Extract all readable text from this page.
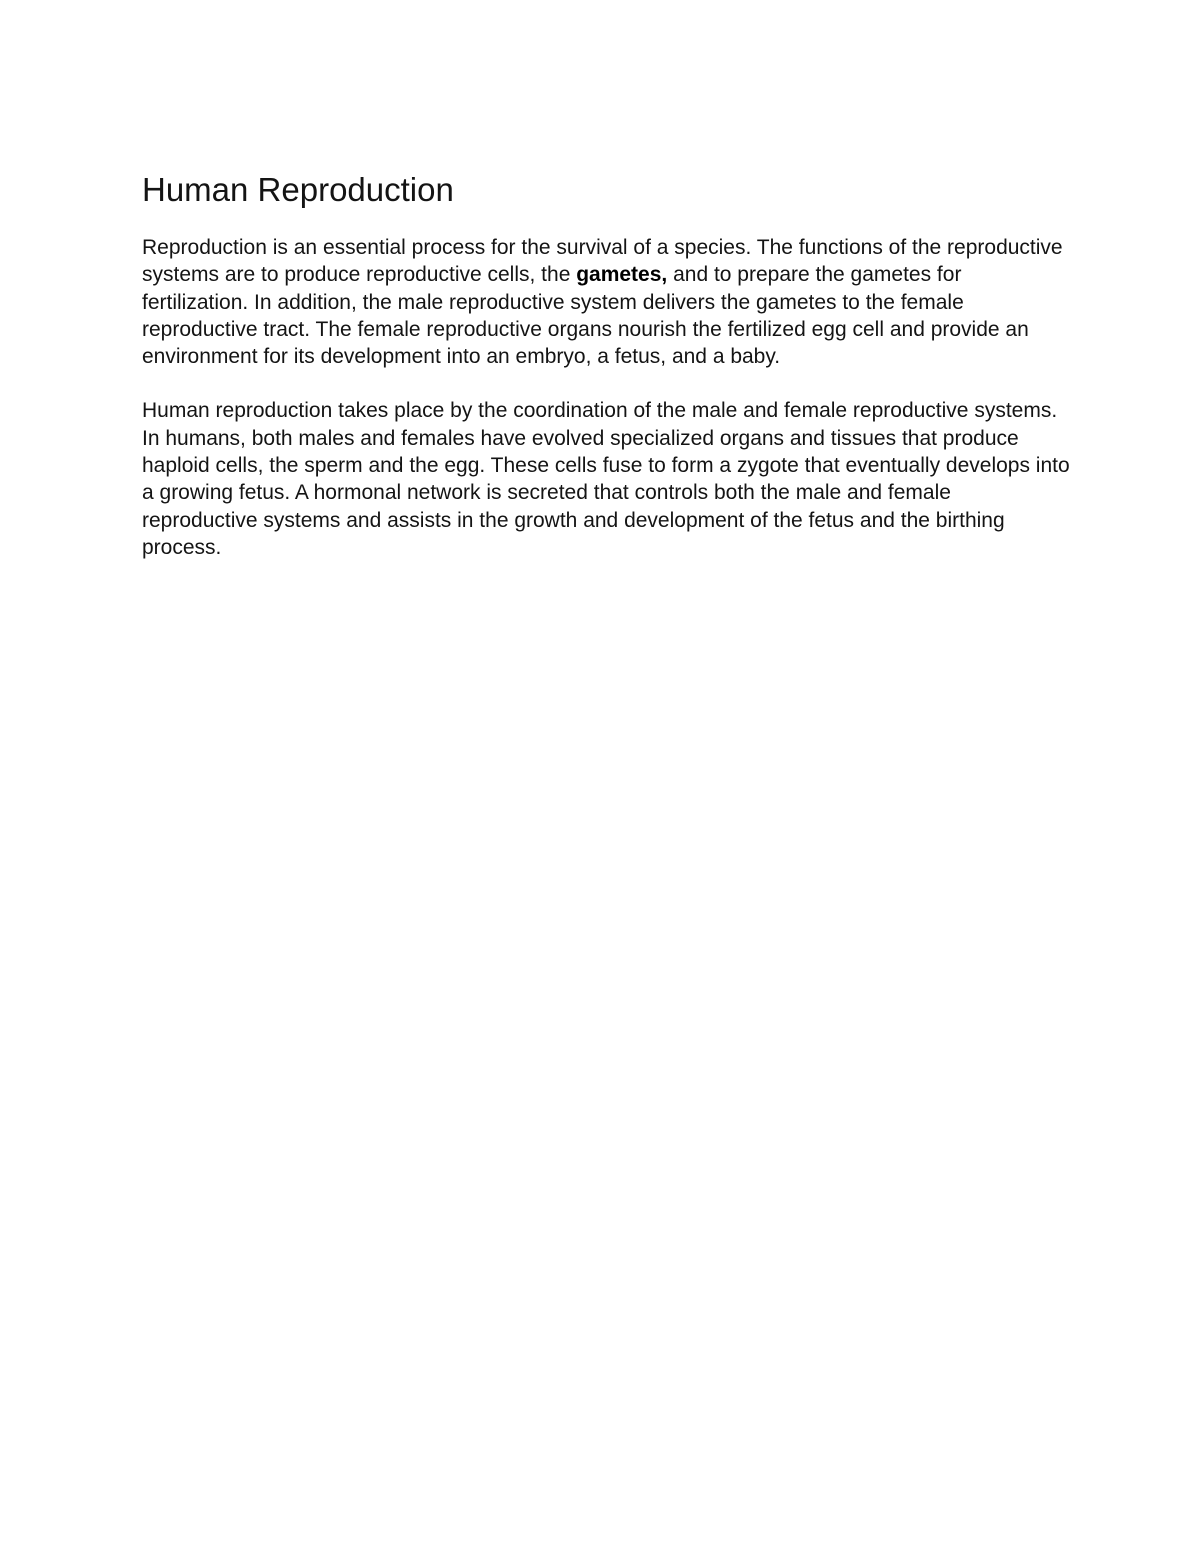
Human Reproduction

Reproduction is an essential process for the survival of a species. The functions of the reproductive systems are to produce reproductive cells, the gametes, and to prepare the gametes for fertilization. In addition, the male reproductive system delivers the gametes to the female reproductive tract. The female reproductive organs nourish the fertilized egg cell and provide an environment for its development into an embryo, a fetus, and a baby.

Human reproduction takes place by the coordination of the male and female reproductive systems. In humans, both males and females have evolved specialized organs and tissues that produce haploid cells, the sperm and the egg. These cells fuse to form a zygote that eventually develops into a growing fetus. A hormonal network is secreted that controls both the male and female reproductive systems and assists in the growth and development of the fetus and the birthing process.
